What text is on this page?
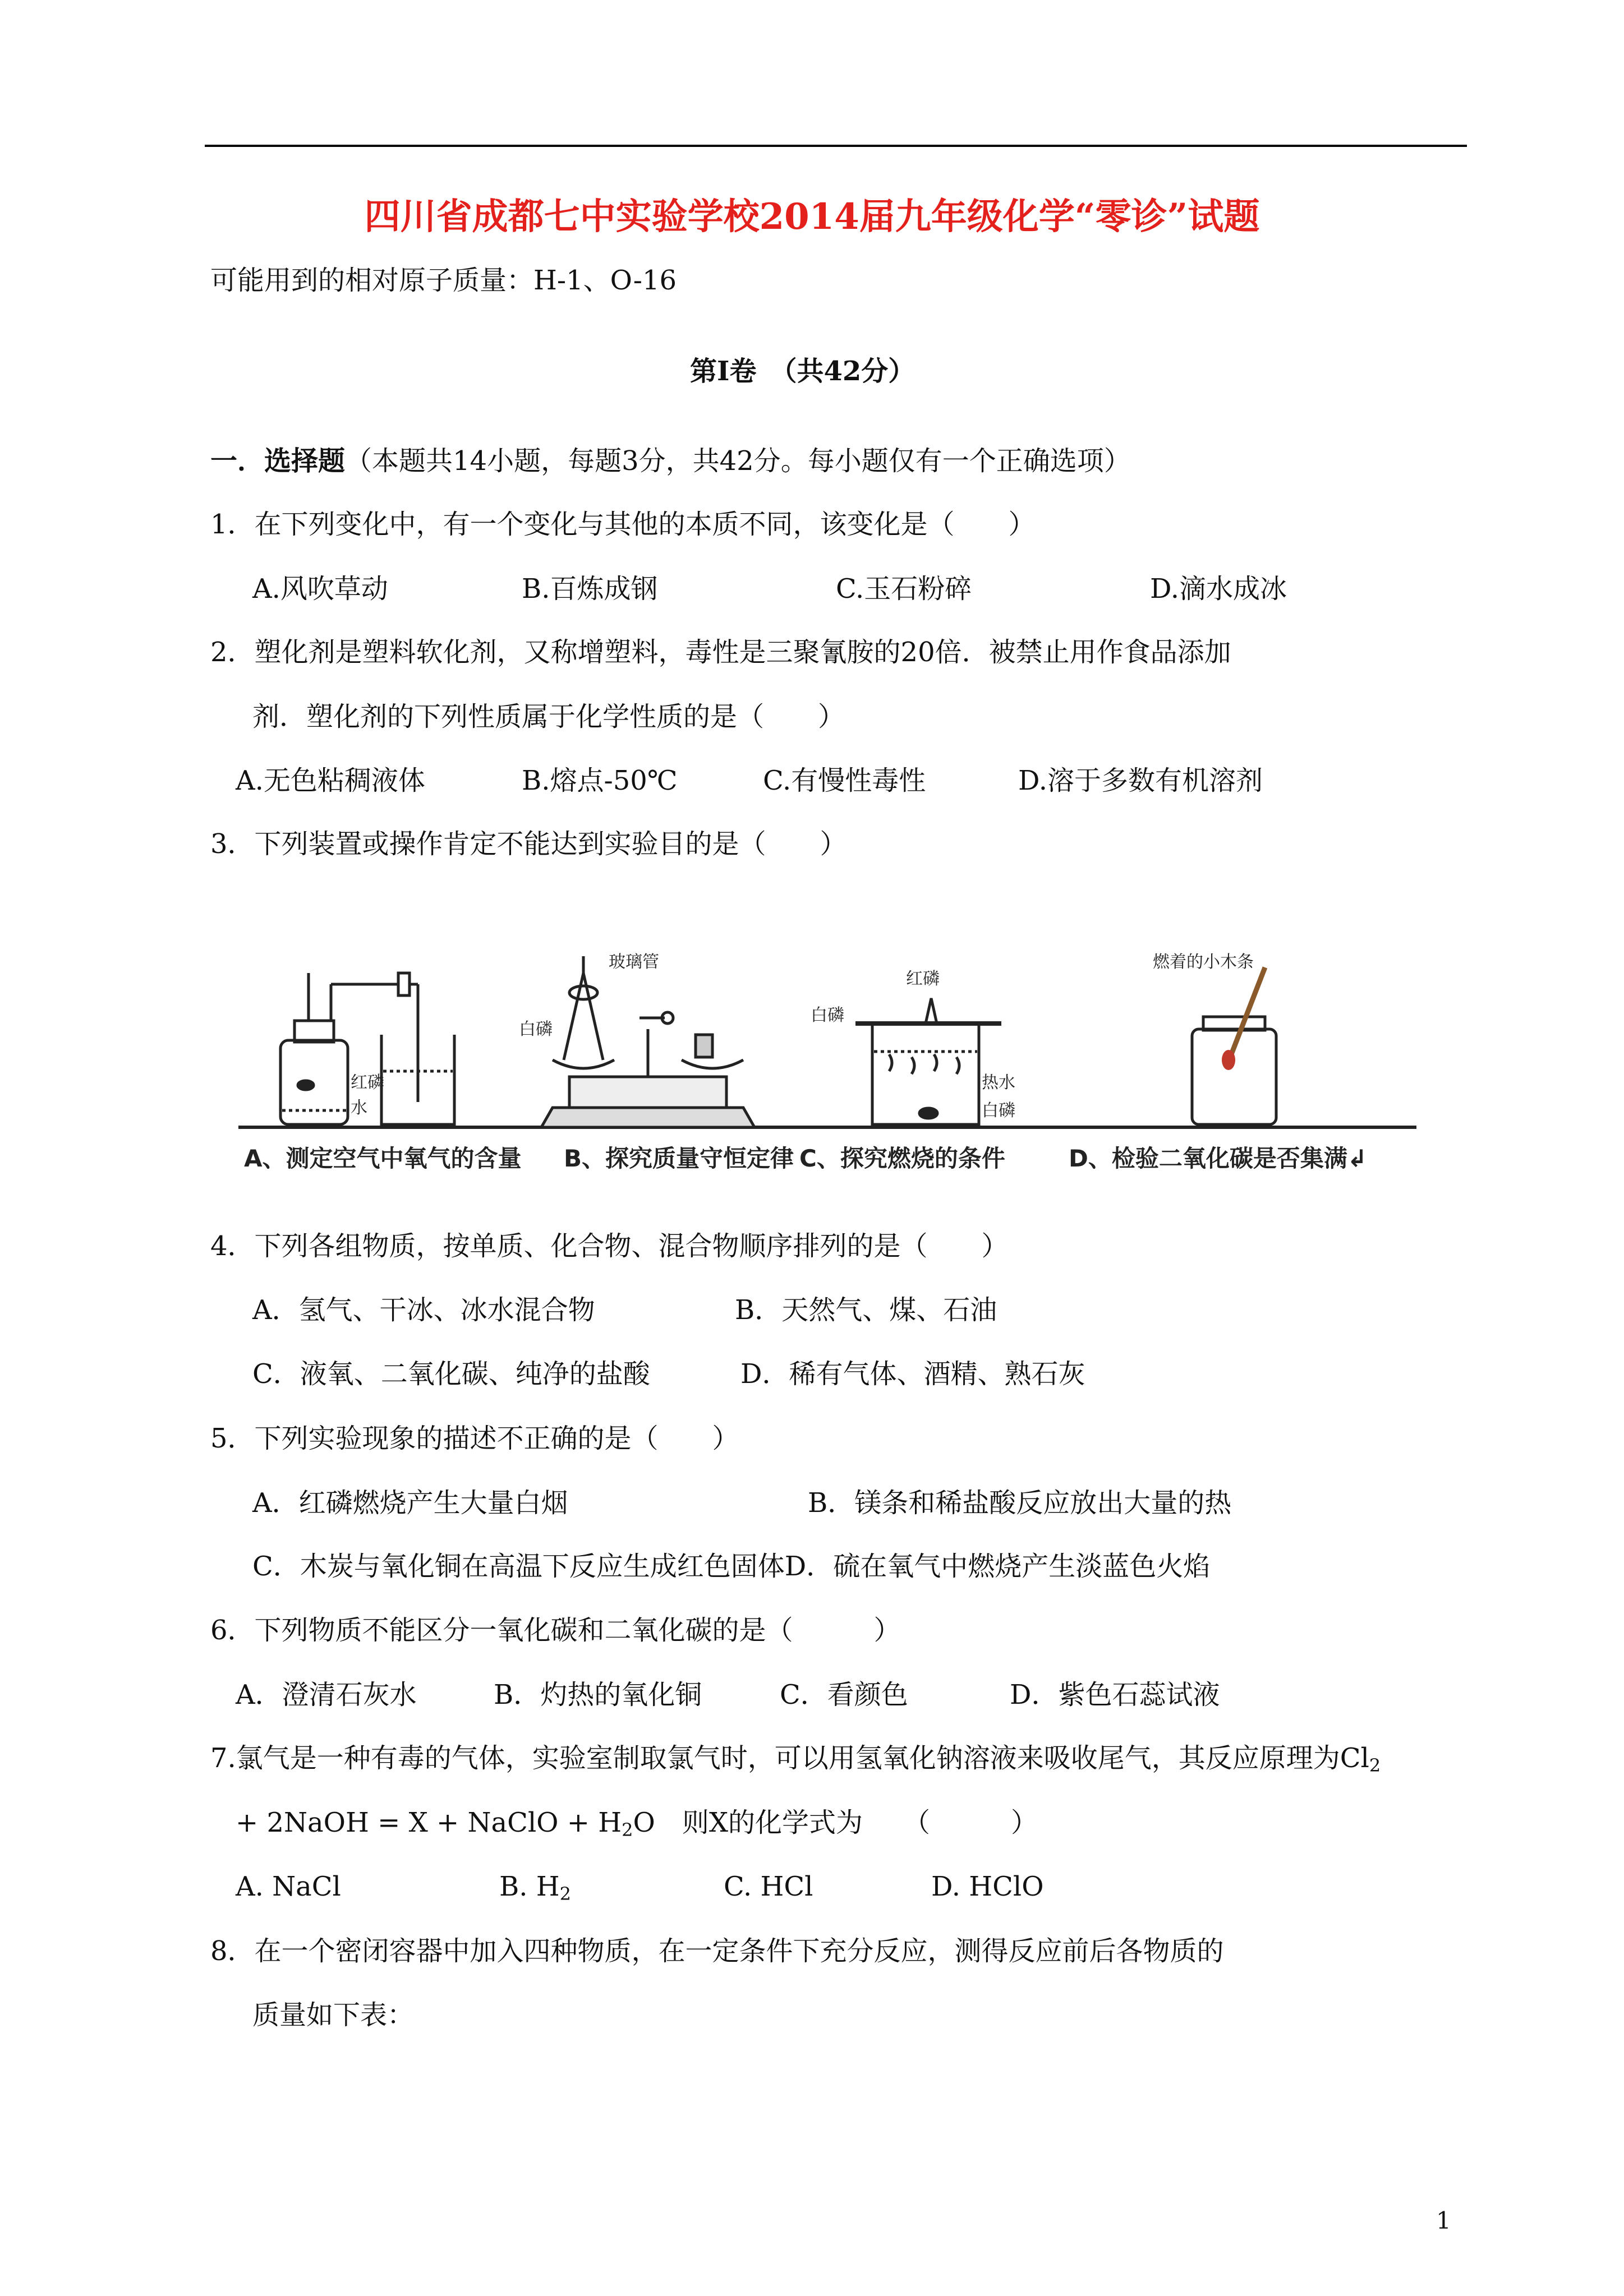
四川省成都七中实验学校2014届九年级化学“零诊”试题
可能用到的相对原子质量：H-1、O-16
第Ⅰ卷　（共42分）
一．选择题（本题共14小题，每题3分，共42分。每小题仅有一个正确选项）
1．在下列变化中，有一个变化与其他的本质不同，该变化是（　　）
A.风吹草动	B.百炼成钢	C.玉石粉碎	D.滴水成冰
2．塑化剂是塑料软化剂，又称增塑料，毒性是三聚氰胺的20倍．被禁止用作食品添加
剂．塑化剂的下列性质属于化学性质的是（　　）
A.无色粘稠液体	B.熔点-50℃	C.有慢性毒性	D.溶于多数有机溶剂
3．下列装置或操作肯定不能达到实验目的是（　　）
红磷
水
玻璃管
白磷
白磷
红磷
热水
白磷
燃着的小木条
A、测定空气中氧气的含量 B、探究质量守恒定律 C、探究燃烧的条件	D、检验二氧化碳是否集满↲
4．下列各组物质，按单质、化合物、混合物顺序排列的是（　　）
A．氢气、干冰、冰水混合物	B．天然气、煤、石油
C．液氧、二氧化碳、纯净的盐酸	D．稀有气体、酒精、熟石灰
5．下列实验现象的描述不正确的是（　　）
A．红磷燃烧产生大量白烟	B．镁条和稀盐酸反应放出大量的热
C．木炭与氧化铜在高温下反应生成红色固体D．硫在氧气中燃烧产生淡蓝色火焰
6．下列物质不能区分一氧化碳和二氧化碳的是（　　　）
A．澄清石灰水	B．灼热的氧化铜	C．看颜色	D．紫色石蕊试液
7.氯气是一种有毒的气体，实验室制取氯气时，可以用氢氧化钠溶液来吸收尾气，其反应原理为$Cl_2$
+ 2NaOH = X + NaClO + $H_2O$　则X的化学式为　　（　　　）
A. NaCl	B. $H_2$	C. HCl	D. HClO
8．在一个密闭容器中加入四种物质，在一定条件下充分反应，测得反应前后各物质的
质量如下表：
1
